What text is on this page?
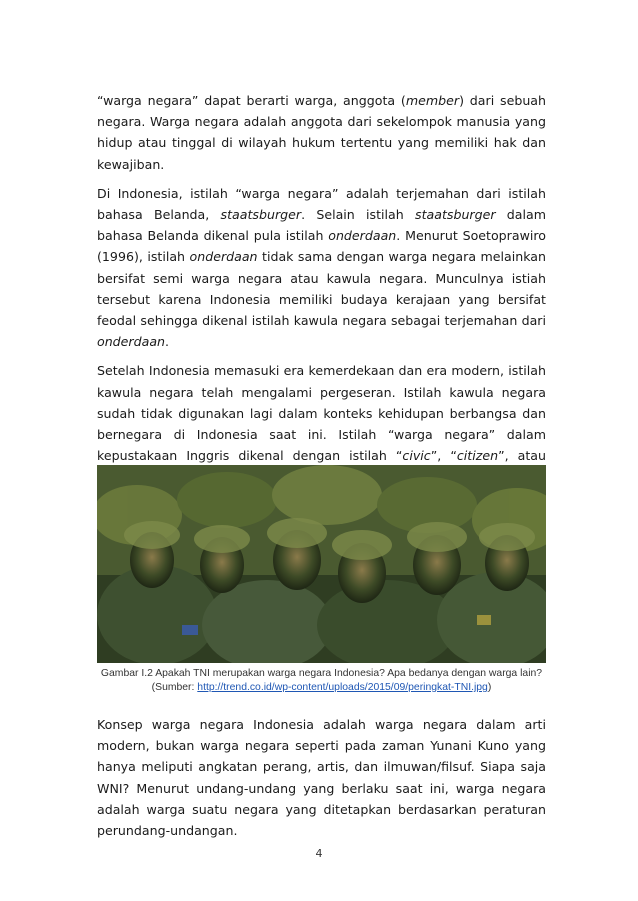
“warga negara” dapat berarti warga, anggota (member) dari sebuah negara. Warga negara adalah anggota dari sekelompok manusia yang hidup atau tinggal di wilayah hukum tertentu yang memiliki hak dan kewajiban.

Di Indonesia, istilah “warga negara” adalah terjemahan dari istilah bahasa Belanda, staatsburger. Selain istilah staatsburger dalam bahasa Belanda dikenal pula istilah onderdaan. Menurut Soetoprawiro (1996), istilah onderdaan tidak sama dengan warga negara melainkan bersifat semi warga negara atau kawula negara. Munculnya istiah tersebut karena Indonesia memiliki budaya kerajaan yang bersifat feodal sehingga dikenal istilah kawula negara sebagai terjemahan dari onderdaan.

Setelah Indonesia memasuki era kemerdekaan dan era modern, istilah kawula negara telah mengalami pergeseran. Istilah kawula negara sudah tidak digunakan lagi dalam konteks kehidupan berbangsa dan bernegara di Indonesia saat ini. Istilah “warga negara” dalam kepustakaan Inggris dikenal dengan istilah “civic”, “citizen”, atau

Gambar I.2 Apakah TNI merupakan warga negara Indonesia? Apa bedanya dengan warga lain? (Sumber: http://trend.co.id/wp-content/uploads/2015/09/peringkat-TNI.jpg)

Konsep warga negara Indonesia adalah warga negara dalam arti modern, bukan warga negara seperti pada zaman Yunani Kuno yang hanya meliputi angkatan perang, artis, dan ilmuwan/filsuf. Siapa saja WNI? Menurut undang-undang yang berlaku saat ini, warga negara adalah warga suatu negara yang ditetapkan berdasarkan peraturan perundang-undangan.

4
